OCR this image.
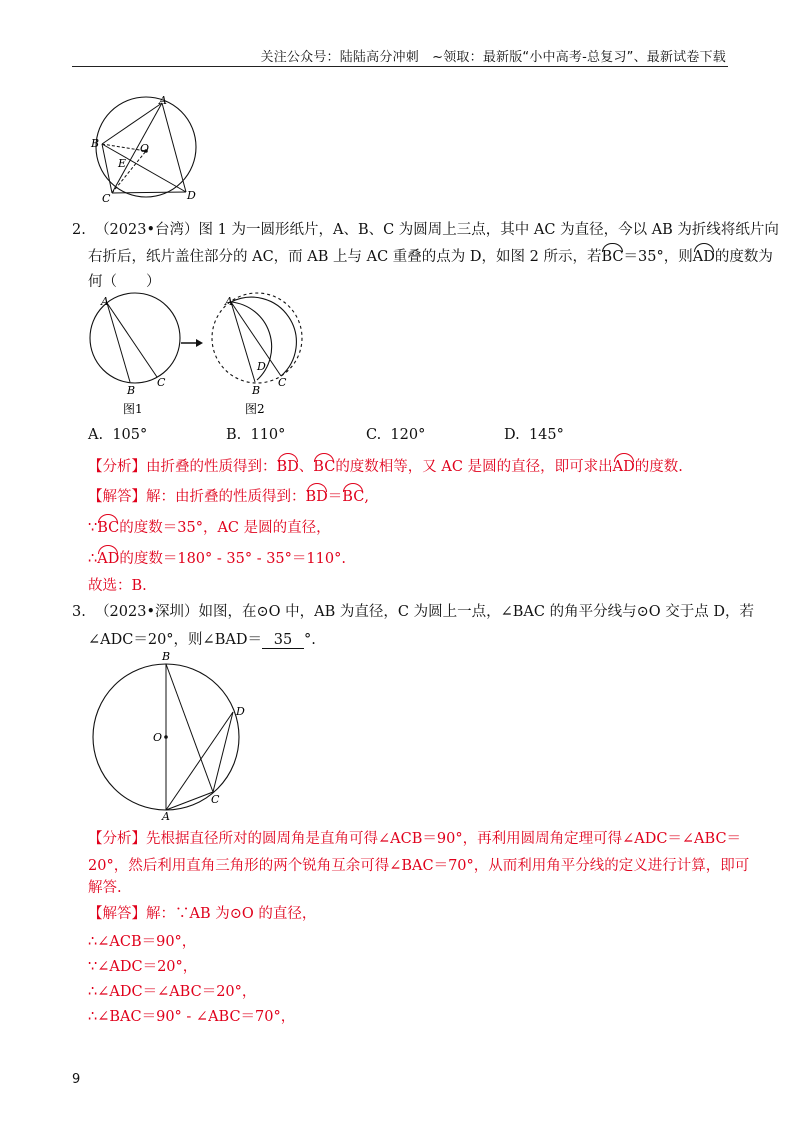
关注公众号：陆陆高分冲刺　~领取：最新版“小中高考-总复习”、最新试卷下载
A
B
E
O
C	D
2. （2023•台湾）图 1 为一圆形纸片，A、B、C 为圆周上三点，其中 AC 为直径，今以 AB 为折线将纸片向
右折后，纸片盖住部分的 AC，而 AB 上与 AC 重叠的点为 D，如图 2 所示，若BC＝35°，则AD的度数为
何（　　）
A
B
C
图1
A
D
B
C
图2
A. 105°	B. 110°	C. 120°	D. 145°
【分析】由折叠的性质得到：BD、BC的度数相等，又 AC 是圆的直径，即可求出AD的度数.
【解答】解：由折叠的性质得到：BD＝BC,
∵BC的度数＝35°，AC 是圆的直径，
∴AD的度数＝180° - 35° - 35°＝110°.
故选：B.
3. （2023•深圳）如图，在⊙O 中，AB 为直径，C 为圆上一点，∠BAC 的角平分线与⊙O 交于点 D，若
∠ADC＝20°，则∠BAD＝ 35 °.
B
O
D
C
A
【分析】先根据直径所对的圆周角是直角可得∠ACB＝90°，再利用圆周角定理可得∠ADC＝∠ABC＝
20°，然后利用直角三角形的两个锐角互余可得∠BAC＝70°，从而利用角平分线的定义进行计算，即可
解答.
【解答】解：∵AB 为⊙O 的直径，
∴∠ACB＝90°，
∵∠ADC＝20°，
∴∠ADC＝∠ABC＝20°，
∴∠BAC＝90° - ∠ABC＝70°，
9
